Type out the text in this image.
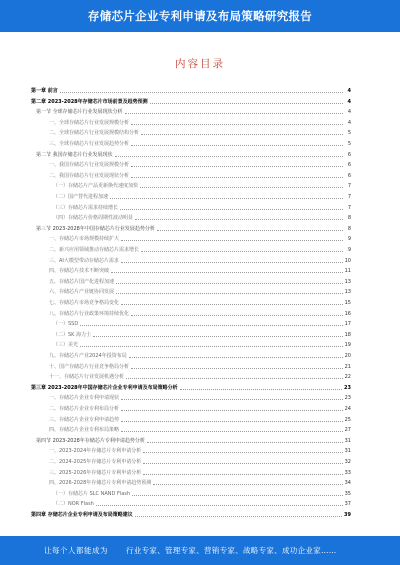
存储芯片企业专利申请及布局策略研究报告
内容目录
第一章 前言	4
第二章 2023-2028年存储芯片市场前景及趋势预测	4
第一节 全球存储芯片行业发展现状分析	4
一、全球存储芯片行业发展规模分析	4
二、全球存储芯片行业发展规模结构分析	5
三、全球存储芯片行业发展趋势分析	5
第二节 我国存储芯片行业发展现状	6
一、我国存储芯片行业发展规模分析	6
二、我国存储芯片行业发展现状分析	6
（一）存储芯片产品更新换代速度加快	7
（二）国产替代进程加速	7
（三）存储芯片需求持续增长	7
（四）存储芯片价格周期性波动明显	8
第三节 2023-2028年中国存储芯片行业发展趋势分析	8
一、存储芯片市场规模持续扩大	9
二、新兴应用领域推动存储芯片需求增长	9
三、AI大模型带动存储芯片需求	10
四、存储芯片技术不断突破	11
五、存储芯片国产化进程加速	13
六、存储芯片产业链协同发展	13
七、存储芯片市场竞争格局变化	15
八、存储芯片行业政策环境持续优化	16
（一）SSD	17
（二）SK 海力士	18
（三）美光	19
九、存储芯片产业2024年投资布局	20
十、国产存储芯片行业竞争格局分析	21
十一、存储芯片行业发展机遇分析	22
第三章 2023-2028年中国存储芯片企业专利申请及布局策略分析	23
一、存储芯片企业专利申请现状	23
二、存储芯片企业专利布局分析	24
三、存储芯片企业专利申请趋势	25
四、存储芯片企业专利布局策略	27
第四节 2023-2028年存储芯片专利申请趋势分析	31
一、2023-2024年存储芯片专利申请分析	31
二、2024-2025年存储芯片专利申请分析	32
三、2025-2026年存储芯片专利申请分析	33
四、2026-2028年存储芯片专利申请趋势预测	34
（一）存储芯片 SLC NAND Flash	35
（二）NOR Flash	37
第四章 存储芯片企业专利申请及布局策略建议	39
让每个人都能成为 行业专家、管理专家、营销专家、战略专家、成功企业家……
